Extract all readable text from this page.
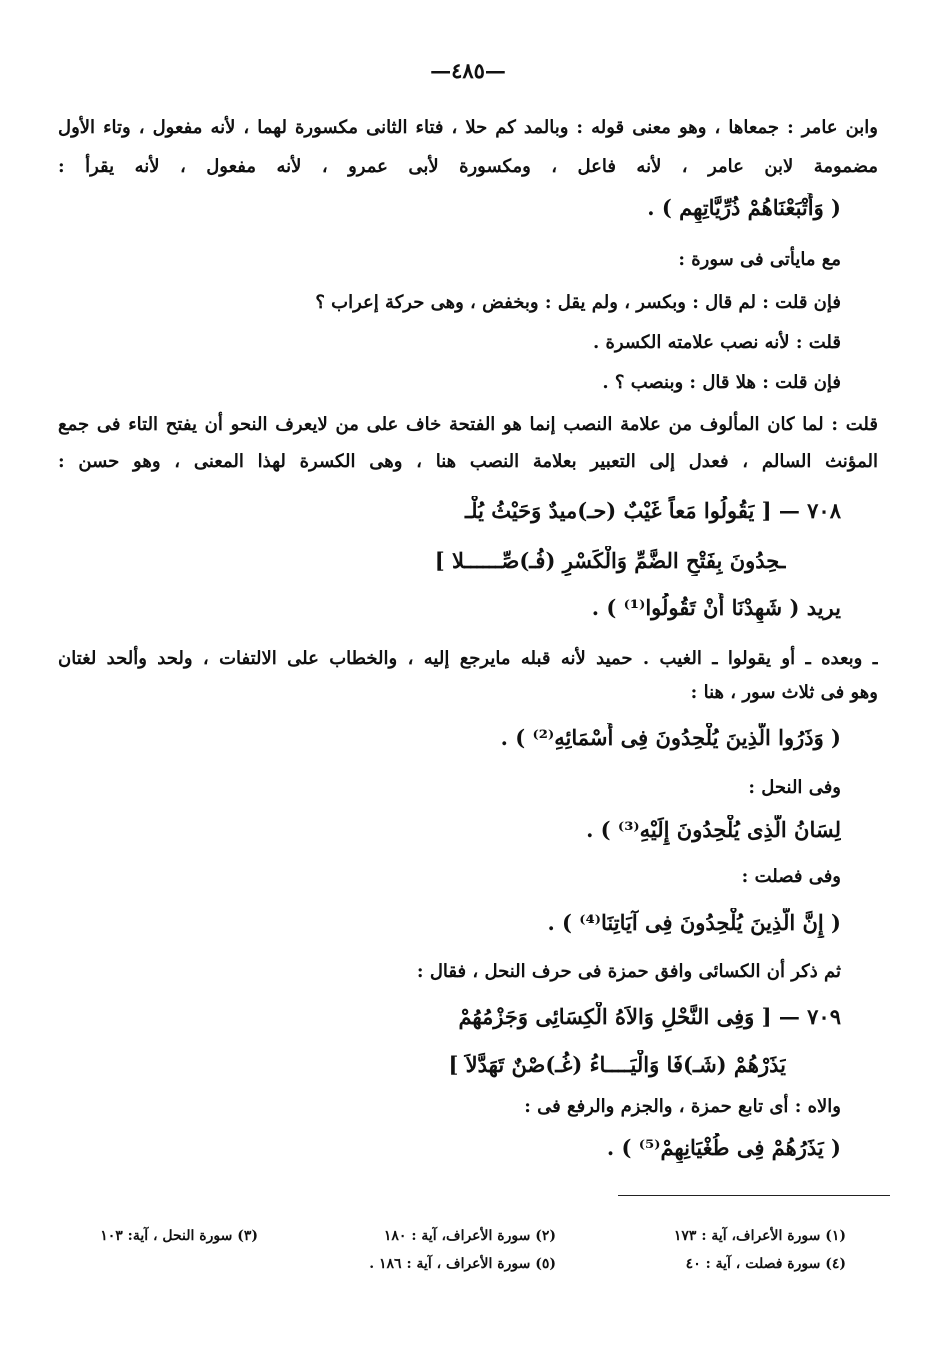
—٤٨٥—
وابن عامر : جمعاها ، وهو معنى قوله : وبالمد كم حلا ، فتاء الثانى مكسورة لهما ، لأنه مفعول ، وتاء الأول
مضمومة لابن عامر ، لأنه فاعل ، ومكسورة لأبى عمرو ، لأنه مفعول ، لأنه يقرأ :
( وَأَتْبَعْنَاهُمْ ذُرِّيَّاتِهِم ) .
مع مايأتى فى سورة :
فإن قلت : لم قال : وبكسر ، ولم يقل : وبخفض ، وهى حركة إعراب ؟
قلت : لأنه نصب علامته الكسرة .
فإن قلت : هلا قال : وبنصب ؟ .
قلت : لما كان المألوف من علامة النصب إنما هو الفتحة خاف على من لايعرف النحو أن يفتح التاء فى جمع
المؤنث السالم ، فعدل إلى التعبير بعلامة النصب هنا ، وهى الكسرة لهذا المعنى ، وهو حسن :
٧٠٨ — [ يَقُولُوا مَعاً غَيْبٌ (حـ)ميدٌ وَحَيْثُ يُلْـ
ـحِدُونَ بِفَتْحِ الضَّمِّ وَالْكَسْرِ (فُـ)صِّــــــلا ]
يريد ( شَهِدْنَا أَنْ تَقُولُوا⁽¹⁾ ) .
ـ وبعده ـ أو يقولوا ـ الغيب . حميد لأنه قبله مايرجع إليه ، والخطاب على الالتفات ، ولحد وألحد لغتان
وهو فى ثلاث سور ، هنا :
( وَذَرُوا الَّذِينَ يُلْحِدُونَ فِى أَسْمَائِهِ⁽²⁾ ) .
وفى النحل :
لِسَانُ الَّذِى يُلْحِدُونَ إِلَيْهِ⁽³⁾ ) .
وفى فصلت :
( إِنَّ الَّذِينَ يُلْحِدُونَ فِى آيَاتِنَا⁽⁴⁾ ) .
ثم ذكر أن الكسائى وافق حمزة فى حرف النحل ، فقال :
٧٠٩ — [ وَفِى النَّحْلِ وَالاَهُ الْكِسَائِى وَجَزْمُهُمْ
يَذَرْهُمْ (شَـ)فَا وَالْيَــــاءُ (غُـ)صْنٌ تَهَدَّلاَ ]
والاه : أى تابع حمزة ، والجزم والرفع فى :
( يَذَرُهُمْ فِى طُغْيَانِهِمْ⁽⁵⁾ ) .
(١) سورة الأعراف، آية : ١٧٣
(٢) سورة الأعراف، آية : ١٨٠
(٣) سورة النحل ، آية: ١٠٣
(٤) سورة فصلت ، آية : ٤٠
(٥) سورة الأعراف ، آية : ١٨٦ .
